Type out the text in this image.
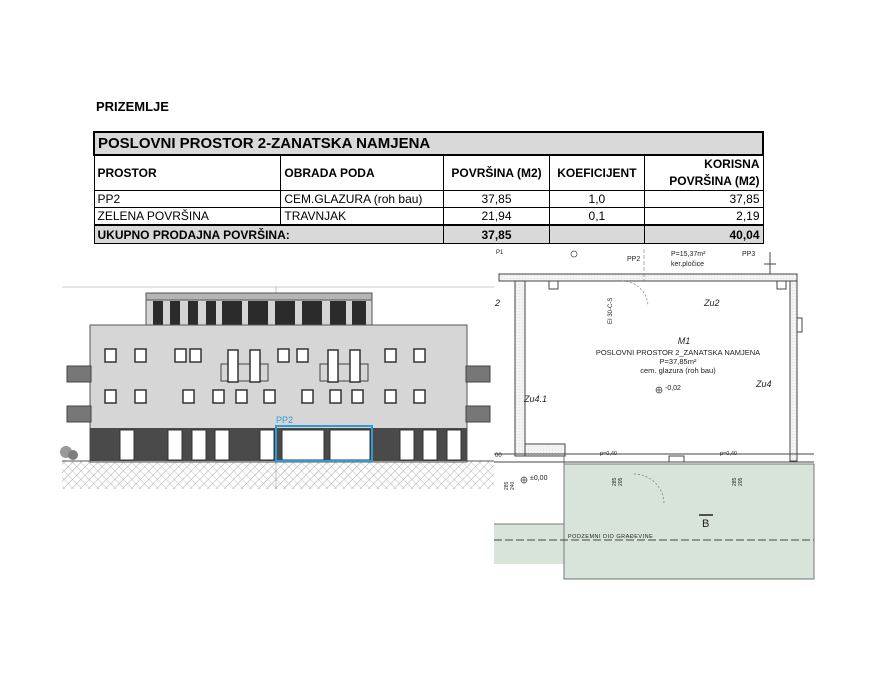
PRIZEMLJE
POSLOVNI PROSTOR 2-ZANATSKA NAMJENA				
PROSTOR	OBRADA PODA	POVRŠINA (M2)	KOEFICIJENT	KORISNA
POVRŠINA (M2)

PP2	CEM.GLAZURA (roh bau)	37,85	1,0	37,85
ZELENA POVRŠINA	TRAVNJAK	21,94	0,1	2,19
UKUPNO PRODAJNA POVRŠINA:		37,85		40,04
PP2
P1
2
00
PP2
P=15,37m²
ker.pločice
PP3
EI 30-C-S	Zu2
Zu4
Zu4.1
M1
POSLOVNI PROSTOR 2_ZANATSKA NAMJENA
P=37,85m²
cem. glazura (roh bau)
-0,02
p=0,40	p=0,40
±0,00
285 240	285 205	285 205
B
PODZEMNI DIO GRAĐEVINE
